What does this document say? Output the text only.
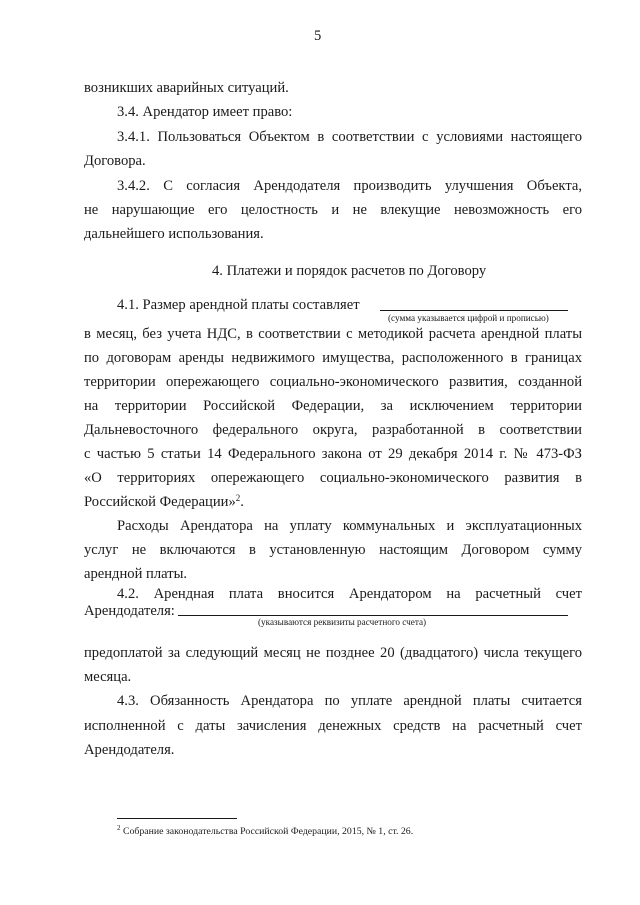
5
возникших аварийных ситуаций.
3.4. Арендатор имеет право:
3.4.1. Пользоваться Объектом в соответствии с условиями настоящего
Договора.
3.4.2. С согласия Арендодателя производить улучшения Объекта,
не нарушающие его целостность и не влекущие невозможность его
дальнейшего использования.
4. Платежи и порядок расчетов по Договору
4.1. Размер арендной платы составляет
(сумма указывается цифрой и прописью)
в месяц, без учета НДС, в соответствии с методикой расчета арендной платы
по договорам аренды недвижимого имущества, расположенного в границах
территории опережающего социально-экономического развития, созданной
на территории Российской Федерации, за исключением территории
Дальневосточного федерального округа, разработанной в соответствии
с частью 5 статьи 14 Федерального закона от 29 декабря 2014 г. № 473-ФЗ
«О территориях опережающего социально-экономического развития в
Российской Федерации»$^2$.
Расходы Арендатора на уплату коммунальных и эксплуатационных
услуг не включаются в установленную настоящим Договором сумму
арендной платы.
4.2. Арендная плата вносится Арендатором на расчетный счет
Арендодателя:
(указываются реквизиты расчетного счета)
предоплатой за следующий месяц не позднее 20 (двадцатого) числа текущего
месяца.
4.3. Обязанность Арендатора по уплате арендной платы считается
исполненной с даты зачисления денежных средств на расчетный счет
Арендодателя.
$^2$ Собрание законодательства Российской Федерации, 2015, № 1, ст. 26.
